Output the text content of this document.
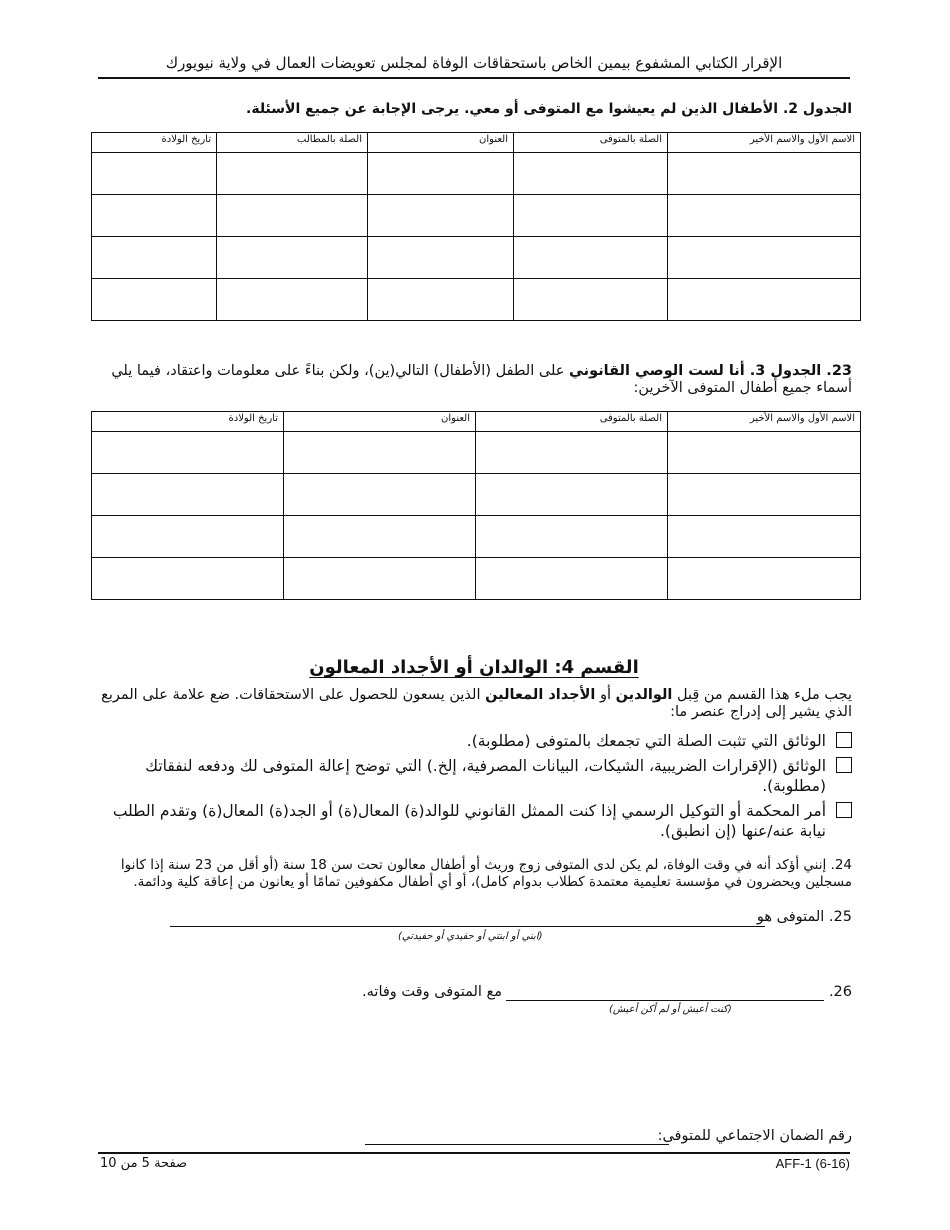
الإقرار الكتابي المشفوع بيمين الخاص باستحقاقات الوفاة لمجلس تعويضات العمال في ولاية نيويورك
الجدول 2. الأطفال الذين لم يعيشوا مع المتوفى أو معي. يرجى الإجابة عن جميع الأسئلة.
الاسم الأول والاسم الأخير	الصلة بالمتوفى	العنوان	الصلة بالمطالب	تاريخ الولادة

23. الجدول 3. أنا لست الوصي القانوني على الطفل (الأطفال) التالي(ين)، ولكن بناءً على معلومات واعتقاد، فيما يلي أسماء جميع أطفال المتوفى الآخرين:
الاسم الأول والاسم الأخير	الصلة بالمتوفى	العنوان	تاريخ الولادة

القسم 4: الوالدان أو الأجداد المعالون
يجب ملء هذا القسم من قِبل الوالدين أو الأجداد المعالين الذين يسعون للحصول على الاستحقاقات. ضع علامة على المربع الذي يشير إلى إدراج عنصر ما:
الوثائق التي تثبت الصلة التي تجمعك بالمتوفى (مطلوبة).
الوثائق (الإقرارات الضريبية، الشيكات، البيانات المصرفية، إلخ.) التي توضح إعالة المتوفى لك ودفعه لنفقاتك (مطلوبة).
أمر المحكمة أو التوكيل الرسمي إذا كنت الممثل القانوني للوالد(ة) المعال(ة) أو الجد(ة) المعال(ة) وتقدم الطلب نيابة عنه/عنها (إن انطبق).
24. إنني أؤكد أنه في وقت الوفاة، لم يكن لدى المتوفى زوج وريث أو أطفال معالون تحت سن 18 سنة (أو أقل من 23 سنة إذا كانوا مسجلين ويحضرون في مؤسسة تعليمية معتمدة كطلاب بدوام كامل)، أو أي أطفال مكفوفين تمامًا أو يعانون من إعاقة كلية ودائمة.
25. المتوفى هو
(ابني أو ابنتي أو حفيدي أو حفيدتي)
26.
مع المتوفى وقت وفاته.
(كنت أعيش أو لم أكن أعيش)
رقم الضمان الاجتماعي للمتوفى:
AFF-1 (6-16)
صفحة 5 من 10
